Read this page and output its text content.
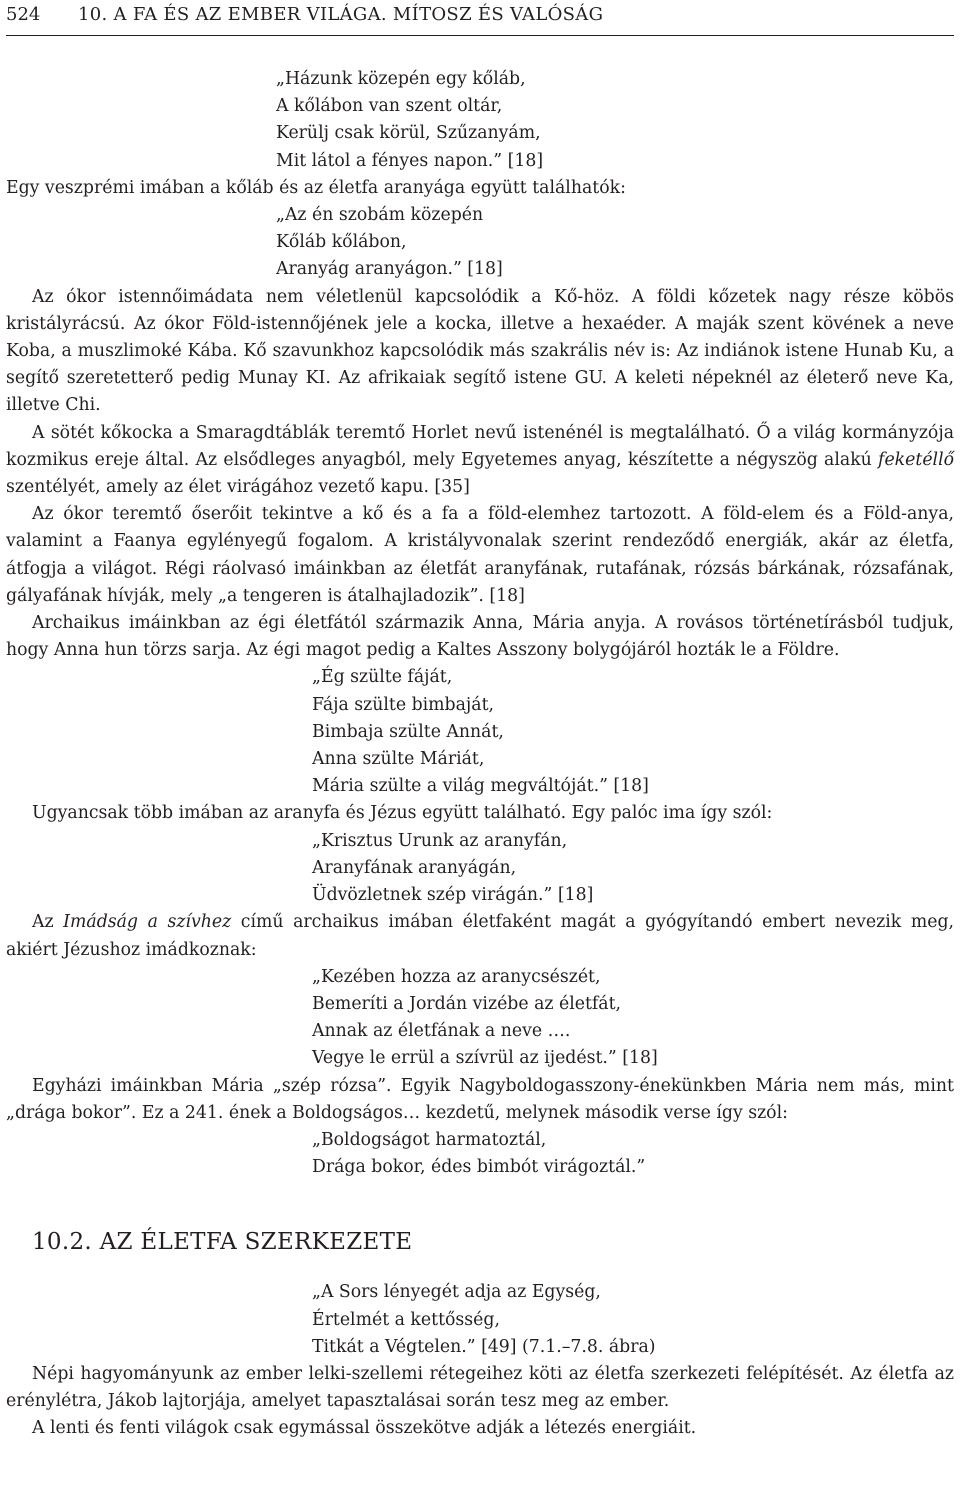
524 10. A FA ÉS AZ EMBER VILÁGA. MÍTOSZ ÉS VALÓSÁG
„Házunk közepén egy kőláb,
A kőlábon van szent oltár,
Kerülj csak körül, Szűzanyám,
Mit látol a fényes napon.” [18]

Egy veszprémi imában a kőláb és az életfa aranyága együtt találhatók:

„Az én szobám közepén
Kőláb kőlábon,
Aranyág aranyágon.” [18]

Az ókor istennőimádata nem véletlenül kapcsolódik a Kő-höz. A földi kőzetek nagy része köbös kristályrácsú. Az ókor Föld-istennőjének jele a kocka, illetve a hexaéder. A maják szent kövének a neve Koba, a muszlimoké Kába. Kő szavunkhoz kapcsolódik más szakrális név is: Az indiánok istene Hunab Ku, a segítő szeretetterő pedig Munay KI. Az afrikaiak segítő istene GU. A keleti népeknél az életerő neve Ka, illetve Chi.

A sötét kőkocka a Smaragdtáblák teremtő Horlet nevű istenénél is megtalálható. Ő a világ kormányzója kozmikus ereje által. Az elsődleges anyagból, mely Egyetemes anyag, készítette a négyszög alakú feketéllő szentélyét, amely az élet virágához vezető kapu. [35]

Az ókor teremtő őserőit tekintve a kő és a fa a föld-elemhez tartozott. A föld-elem és a Föld-anya, valamint a Faanya egylényegű fogalom. A kristályvonalak szerint rendeződő energiák, akár az életfa, átfogja a világot. Régi ráolvasó imáinkban az életfát aranyfának, rutafának, rózsás bárkának, rózsafának, gályafának hívják, mely „a tengeren is átalhajladozik”. [18]

Archaikus imáinkban az égi életfától származik Anna, Mária anyja. A rovásos történetírásból tudjuk, hogy Anna hun törzs sarja. Az égi magot pedig a Kaltes Asszony bolygójáról hozták le a Földre.

„Ég szülte fáját,
Fája szülte bimbaját,
Bimbaja szülte Annát,
Anna szülte Máriát,
Mária szülte a világ megváltóját.” [18]

Ugyancsak több imában az aranyfa és Jézus együtt található. Egy palóc ima így szól:

„Krisztus Urunk az aranyfán,
Aranyfának aranyágán,
Üdvözletnek szép virágán.” [18]

Az Imádság a szívhez című archaikus imában életfaként magát a gyógyítandó embert nevezik meg, akiért Jézushoz imádkoznak:

„Kezében hozza az aranycsészét,
Bemeríti a Jordán vizébe az életfát,
Annak az életfának a neve ….
Vegye le errül a szívrül az ijedést.” [18]

Egyházi imáinkban Mária „szép rózsa”. Egyik Nagyboldogasszony-énekünkben Mária nem más, mint „drága bokor”. Ez a 241. ének a Boldogságos… kezdetű, melynek második verse így szól:

„Boldogságot harmatoztál,
Drága bokor, édes bimbót virágoztál.”
10.2. AZ ÉLETFA SZERKEZETE
„A Sors lényegét adja az Egység,
Értelmét a kettősség,
Titkát a Végtelen.” [49] (7.1.–7.8. ábra)

Népi hagyományunk az ember lelki-szellemi rétegeihez köti az életfa szerkezeti felépítését. Az életfa az erénylétra, Jákob lajtorjája, amelyet tapasztalásai során tesz meg az ember.

A lenti és fenti világok csak egymással összekötve adják a létezés energiáit.
